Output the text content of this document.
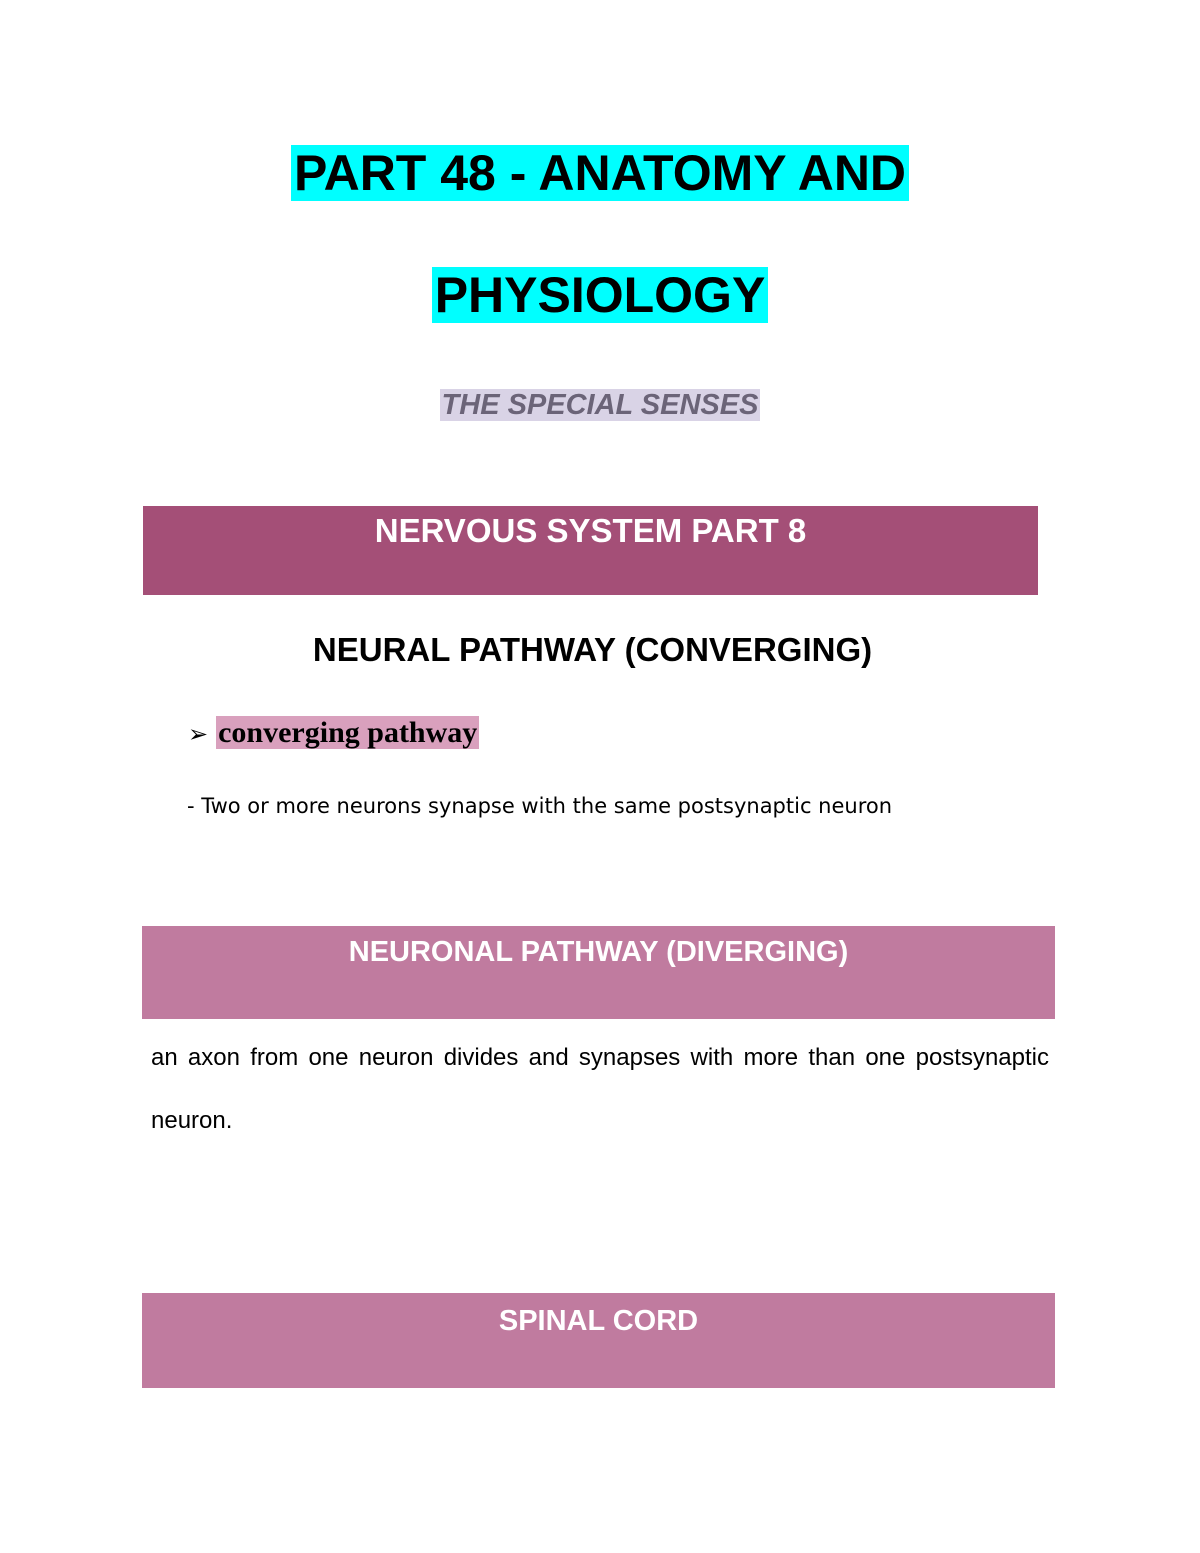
PART 48 - ANATOMY AND
PHYSIOLOGY
THE SPECIAL SENSES
NERVOUS SYSTEM PART 8
NEURAL PATHWAY (CONVERGING)
➢ converging pathway
- Two or more neurons synapse with the same postsynaptic neuron
NEURONAL PATHWAY (DIVERGING)
an axon from one neuron divides and synapses with more than one postsynaptic neuron.
SPINAL CORD
